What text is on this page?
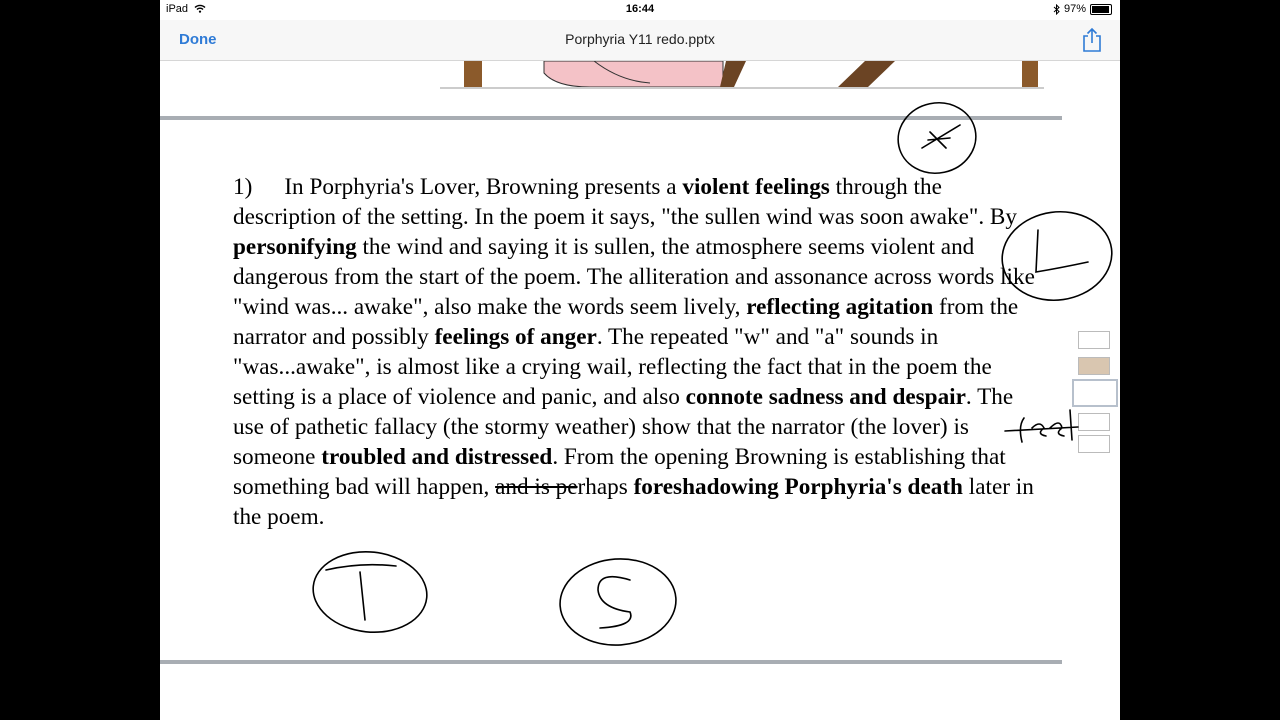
iPad	16:44	97%
Done	Porphyria Y11 redo.pptx
1) In Porphyria's Lover, Browning presents a violent feelings through the description of the setting. In the poem it says, "the sullen wind was soon awake". By personifying the wind and saying it is sullen, the atmosphere seems violent and dangerous from the start of the poem. The alliteration and assonance across words like "wind was... awake", also make the words seem lively, reflecting agitation from the narrator and possibly feelings of anger. The repeated "w" and "a" sounds in "was...awake", is almost like a crying wail, reflecting the fact that in the poem the setting is a place of violence and panic, and also connote sadness and despair. The use of pathetic fallacy (the stormy weather) show that the narrator (the lover) is someone troubled and distressed. From the opening Browning is establishing that something bad will happen, and is perhaps foreshadowing Porphyria's death later in the poem.
